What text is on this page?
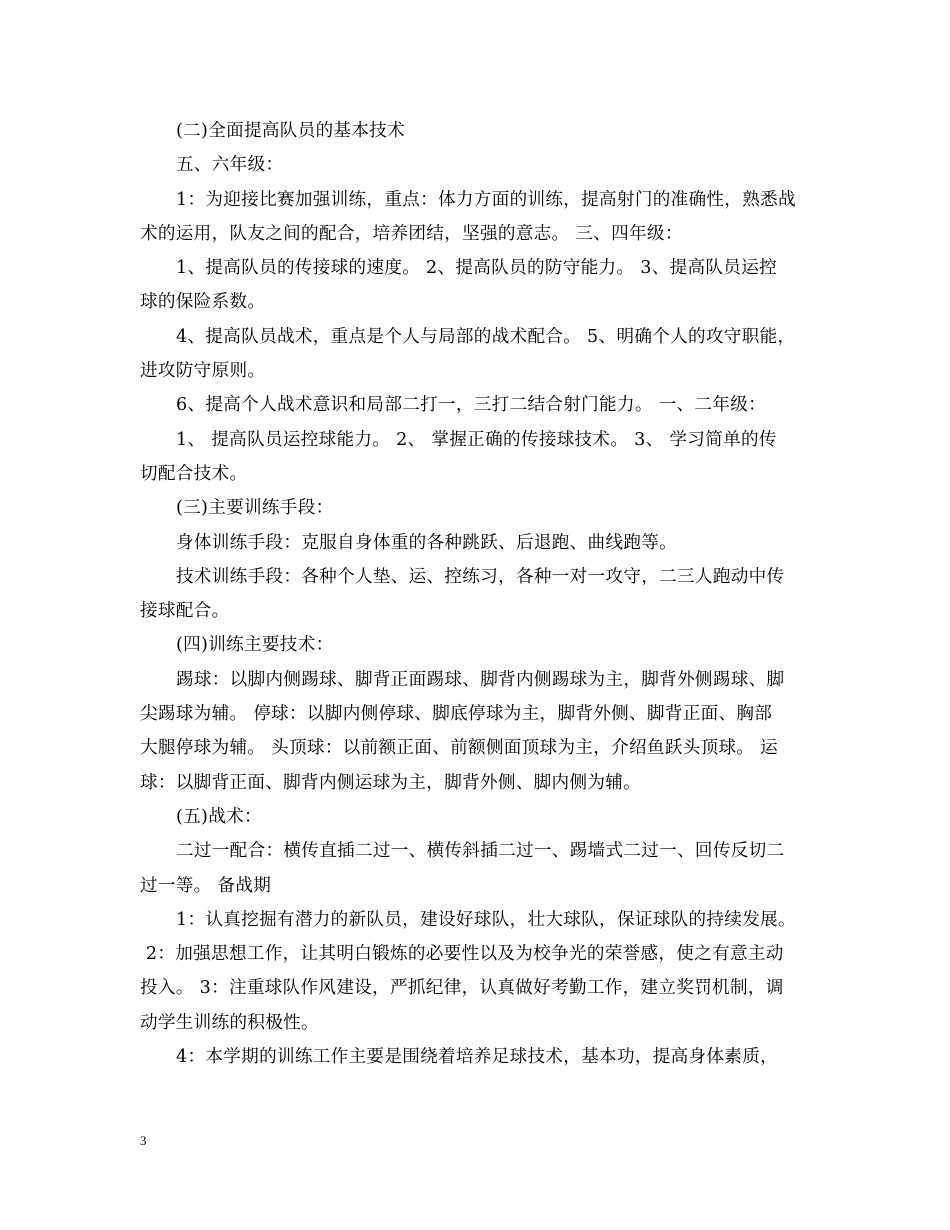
(二)全面提高队员的基本技术
五、六年级：
1：为迎接比赛加强训练，重点：体力方面的训练，提高射门的准确性，熟悉战
术的运用，队友之间的配合，培养团结，坚强的意志。 三、四年级：
1、提高队员的传接球的速度。 2、提高队员的防守能力。 3、提高队员运控
球的保险系数。
4、提高队员战术，重点是个人与局部的战术配合。 5、明确个人的攻守职能，
进攻防守原则。
6、提高个人战术意识和局部二打一，三打二结合射门能力。 一、二年级：
1、 提高队员运控球能力。 2、 掌握正确的传接球技术。 3、 学习简单的传
切配合技术。
(三)主要训练手段：
身体训练手段：克服自身体重的各种跳跃、后退跑、曲线跑等。
技术训练手段：各种个人垫、运、控练习，各种一对一攻守，二三人跑动中传
接球配合。
(四)训练主要技术：
踢球：以脚内侧踢球、脚背正面踢球、脚背内侧踢球为主，脚背外侧踢球、脚
尖踢球为辅。 停球：以脚内侧停球、脚底停球为主，脚背外侧、脚背正面、胸部
大腿停球为辅。 头顶球：以前额正面、前额侧面顶球为主，介绍鱼跃头顶球。 运
球：以脚背正面、脚背内侧运球为主，脚背外侧、脚内侧为辅。
(五)战术：
二过一配合：横传直插二过一、横传斜插二过一、踢墙式二过一、回传反切二
过一等。 备战期
1：认真挖掘有潜力的新队员，建设好球队，壮大球队，保证球队的持续发展。
2：加强思想工作，让其明白锻炼的必要性以及为校争光的荣誉感，使之有意主动
投入。 3：注重球队作风建设，严抓纪律，认真做好考勤工作，建立奖罚机制，调
动学生训练的积极性。
4：本学期的训练工作主要是围绕着培养足球技术，基本功，提高身体素质，
3
